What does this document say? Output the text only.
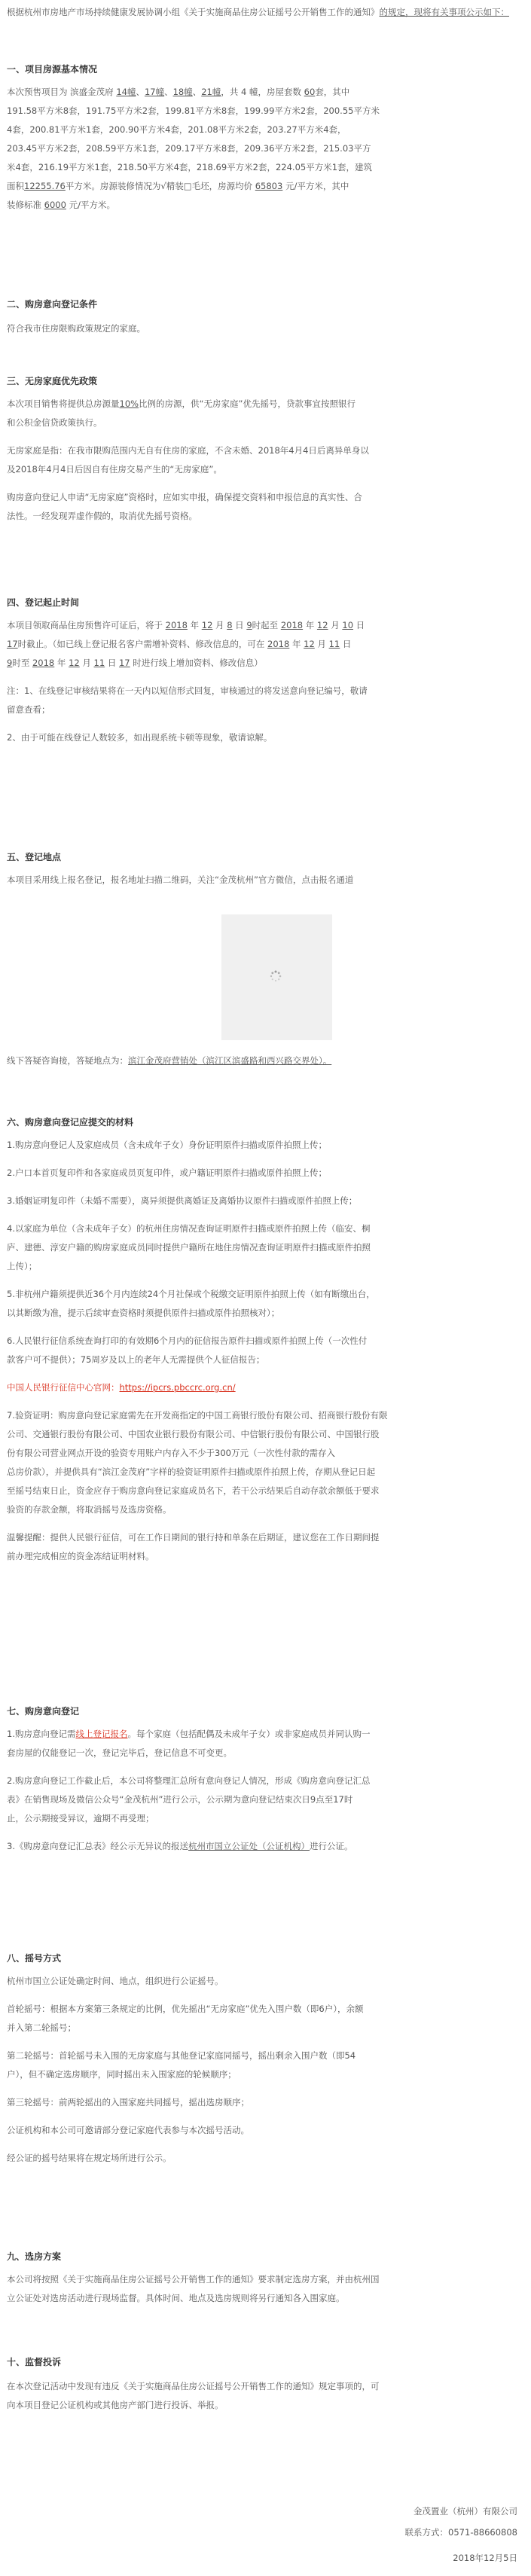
根据杭州市房地产市场持续健康发展协调小组《关于实施商品住房公证摇号公开销售工作的通知》的规定，现将有关事项公示如下：
一、项目房源基本情况
本次预售项目为 滨盛金茂府 14幢、17幢、18幢、21幢，共 4 幢，房屋套数 60套，其中
191.58平方米8套，191.75平方米2套，199.81平方米8套，199.99平方米2套，200.55平方米
4套，200.81平方米1套，200.90平方米4套，201.08平方米2套，203.27平方米4套，
203.45平方米2套，208.59平方米1套，209.17平方米8套，209.36平方米2套，215.03平方
米4套，216.19平方米1套，218.50平方米4套，218.69平方米2套，224.05平方米1套，建筑
面积12255.76平方米。房源装修情况为√精装□毛坯，房源均价 65803 元/平方米，其中
装修标准 6000 元/平方米。
二、购房意向登记条件
符合我市住房限购政策规定的家庭。
三、无房家庭优先政策
本次项目销售将提供总房源量10%比例的房源，供“无房家庭”优先摇号，贷款事宜按照银行
和公积金信贷政策执行。
无房家庭是指：在我市限购范围内无自有住房的家庭，不含未婚、2018年4月4日后离异单身以
及2018年4月4日后因自有住房交易产生的“无房家庭”。
购房意向登记人申请“无房家庭”资格时，应如实申报，确保提交资料和申报信息的真实性、合
法性。一经发现弄虚作假的，取消优先摇号资格。
四、登记起止时间
本项目领取商品住房预售许可证后，将于 2018 年 12 月 8 日 9时起至 2018 年 12 月 10 日
17时截止。（如已线上登记报名客户需增补资料、修改信息的，可在 2018 年 12 月 11 日
9时至 2018 年 12 月 11 日 17 时进行线上增加资料、修改信息）
注：1、在线登记审核结果将在一天内以短信形式回复，审核通过的将发送意向登记编号，敬请
留意查看；
2、由于可能在线登记人数较多，如出现系统卡顿等现象，敬请谅解。
五、登记地点
本项目采用线上报名登记，报名地址扫描二维码，关注“金茂杭州”官方微信，点击报名通道
线下答疑咨询接，答疑地点为：滨江金茂府营销处（滨江区滨盛路和西兴路交界处）。
六、购房意向登记应提交的材料
1.购房意向登记人及家庭成员（含未成年子女）身份证明原件扫描或原件拍照上传；
2.户口本首页复印件和各家庭成员页复印件，或户籍证明原件扫描或原件拍照上传；
3.婚姻证明复印件（未婚不需要），离异须提供离婚证及离婚协议原件扫描或原件拍照上传；
4.以家庭为单位（含未成年子女）的杭州住房情况查询证明原件扫描或原件拍照上传（临安、桐
庐、建德、淳安户籍的购房家庭成员同时提供户籍所在地住房情况查询证明原件扫描或原件拍照
上传）；
5.非杭州户籍须提供近36个月内连续24个月社保或个税缴交证明原件拍照上传（如有断缴出台，
以其断缴为准，提示后续审查资格时须提供原件扫描或原件拍照核对）；
6.人民银行征信系统查询打印的有效期6个月内的征信报告原件扫描或原件拍照上传（一次性付
款客户可不提供）；75周岁及以上的老年人无需提供个人征信报告；
中国人民银行征信中心官网：https://ipcrs.pbccrc.org.cn/
7.验资证明：购房意向登记家庭需先在开发商指定的中国工商银行股份有限公司、招商银行股份有限
公司、交通银行股份有限公司、中国农业银行股份有限公司、中信银行股份有限公司、中国银行股
份有限公司营业网点开设的验资专用账户内存入不少于300万元（一次性付款的需存入
总房价款），并提供具有“滨江金茂府”字样的验资证明原件扫描或原件拍照上传，存期从登记日起
至摇号结束日止，资金应存于购房意向登记家庭成员名下，若干公示结果后自动存款余额低于要求
验资的存款金额，将取消摇号及选房资格。
温馨提醒：提供人民银行征信，可在工作日期间的银行持和单条在后期证，建议您在工作日期间提
前办理完成相应的资金冻结证明材料。
七、购房意向登记
1.购房意向登记需线上登记报名。每个家庭（包括配偶及未成年子女）或非家庭成员并同认购一
套房屋的仅能登记一次，登记完毕后，登记信息不可变更。
2.购房意向登记工作截止后，本公司将整理汇总所有意向登记人情况，形成《购房意向登记汇总
表》在销售现场及微信公众号“金茂杭州”进行公示，公示期为意向登记结束次日9点至17时
止，公示期接受异议，逾期不再受理；
3.《购房意向登记汇总表》经公示无异议的报送杭州市国立公证处（公证机构）进行公证。
八、摇号方式
杭州市国立公证处确定时间、地点，组织进行公证摇号。
首轮摇号：根据本方案第三条规定的比例，优先摇出“无房家庭”优先入围户数（即6户），余额
并入第二轮摇号；
第二轮摇号：首轮摇号未入围的无房家庭与其他登记家庭同摇号，摇出剩余入围户数（即54
户），但不确定选房顺序，同时摇出未入围家庭的轮候顺序；
第三轮摇号：前两轮摇出的入围家庭共同摇号，摇出选房顺序；
公证机构和本公司可邀请部分登记家庭代表参与本次摇号活动。
经公证的摇号结果将在规定场所进行公示。
九、选房方案
本公司将按照《关于实施商品住房公证摇号公开销售工作的通知》要求制定选房方案，并由杭州国
立公证处对选房活动进行现场监督。具体时间、地点及选房规则将另行通知各入围家庭。
十、监督投诉
在本次登记活动中发现有违反《关于实施商品住房公证摇号公开销售工作的通知》规定事项的，可
向本项目登记公证机构或其他房产部门进行投诉、举报。
金茂置业（杭州）有限公司
联系方式：0571-88660808
2018年12月5日
